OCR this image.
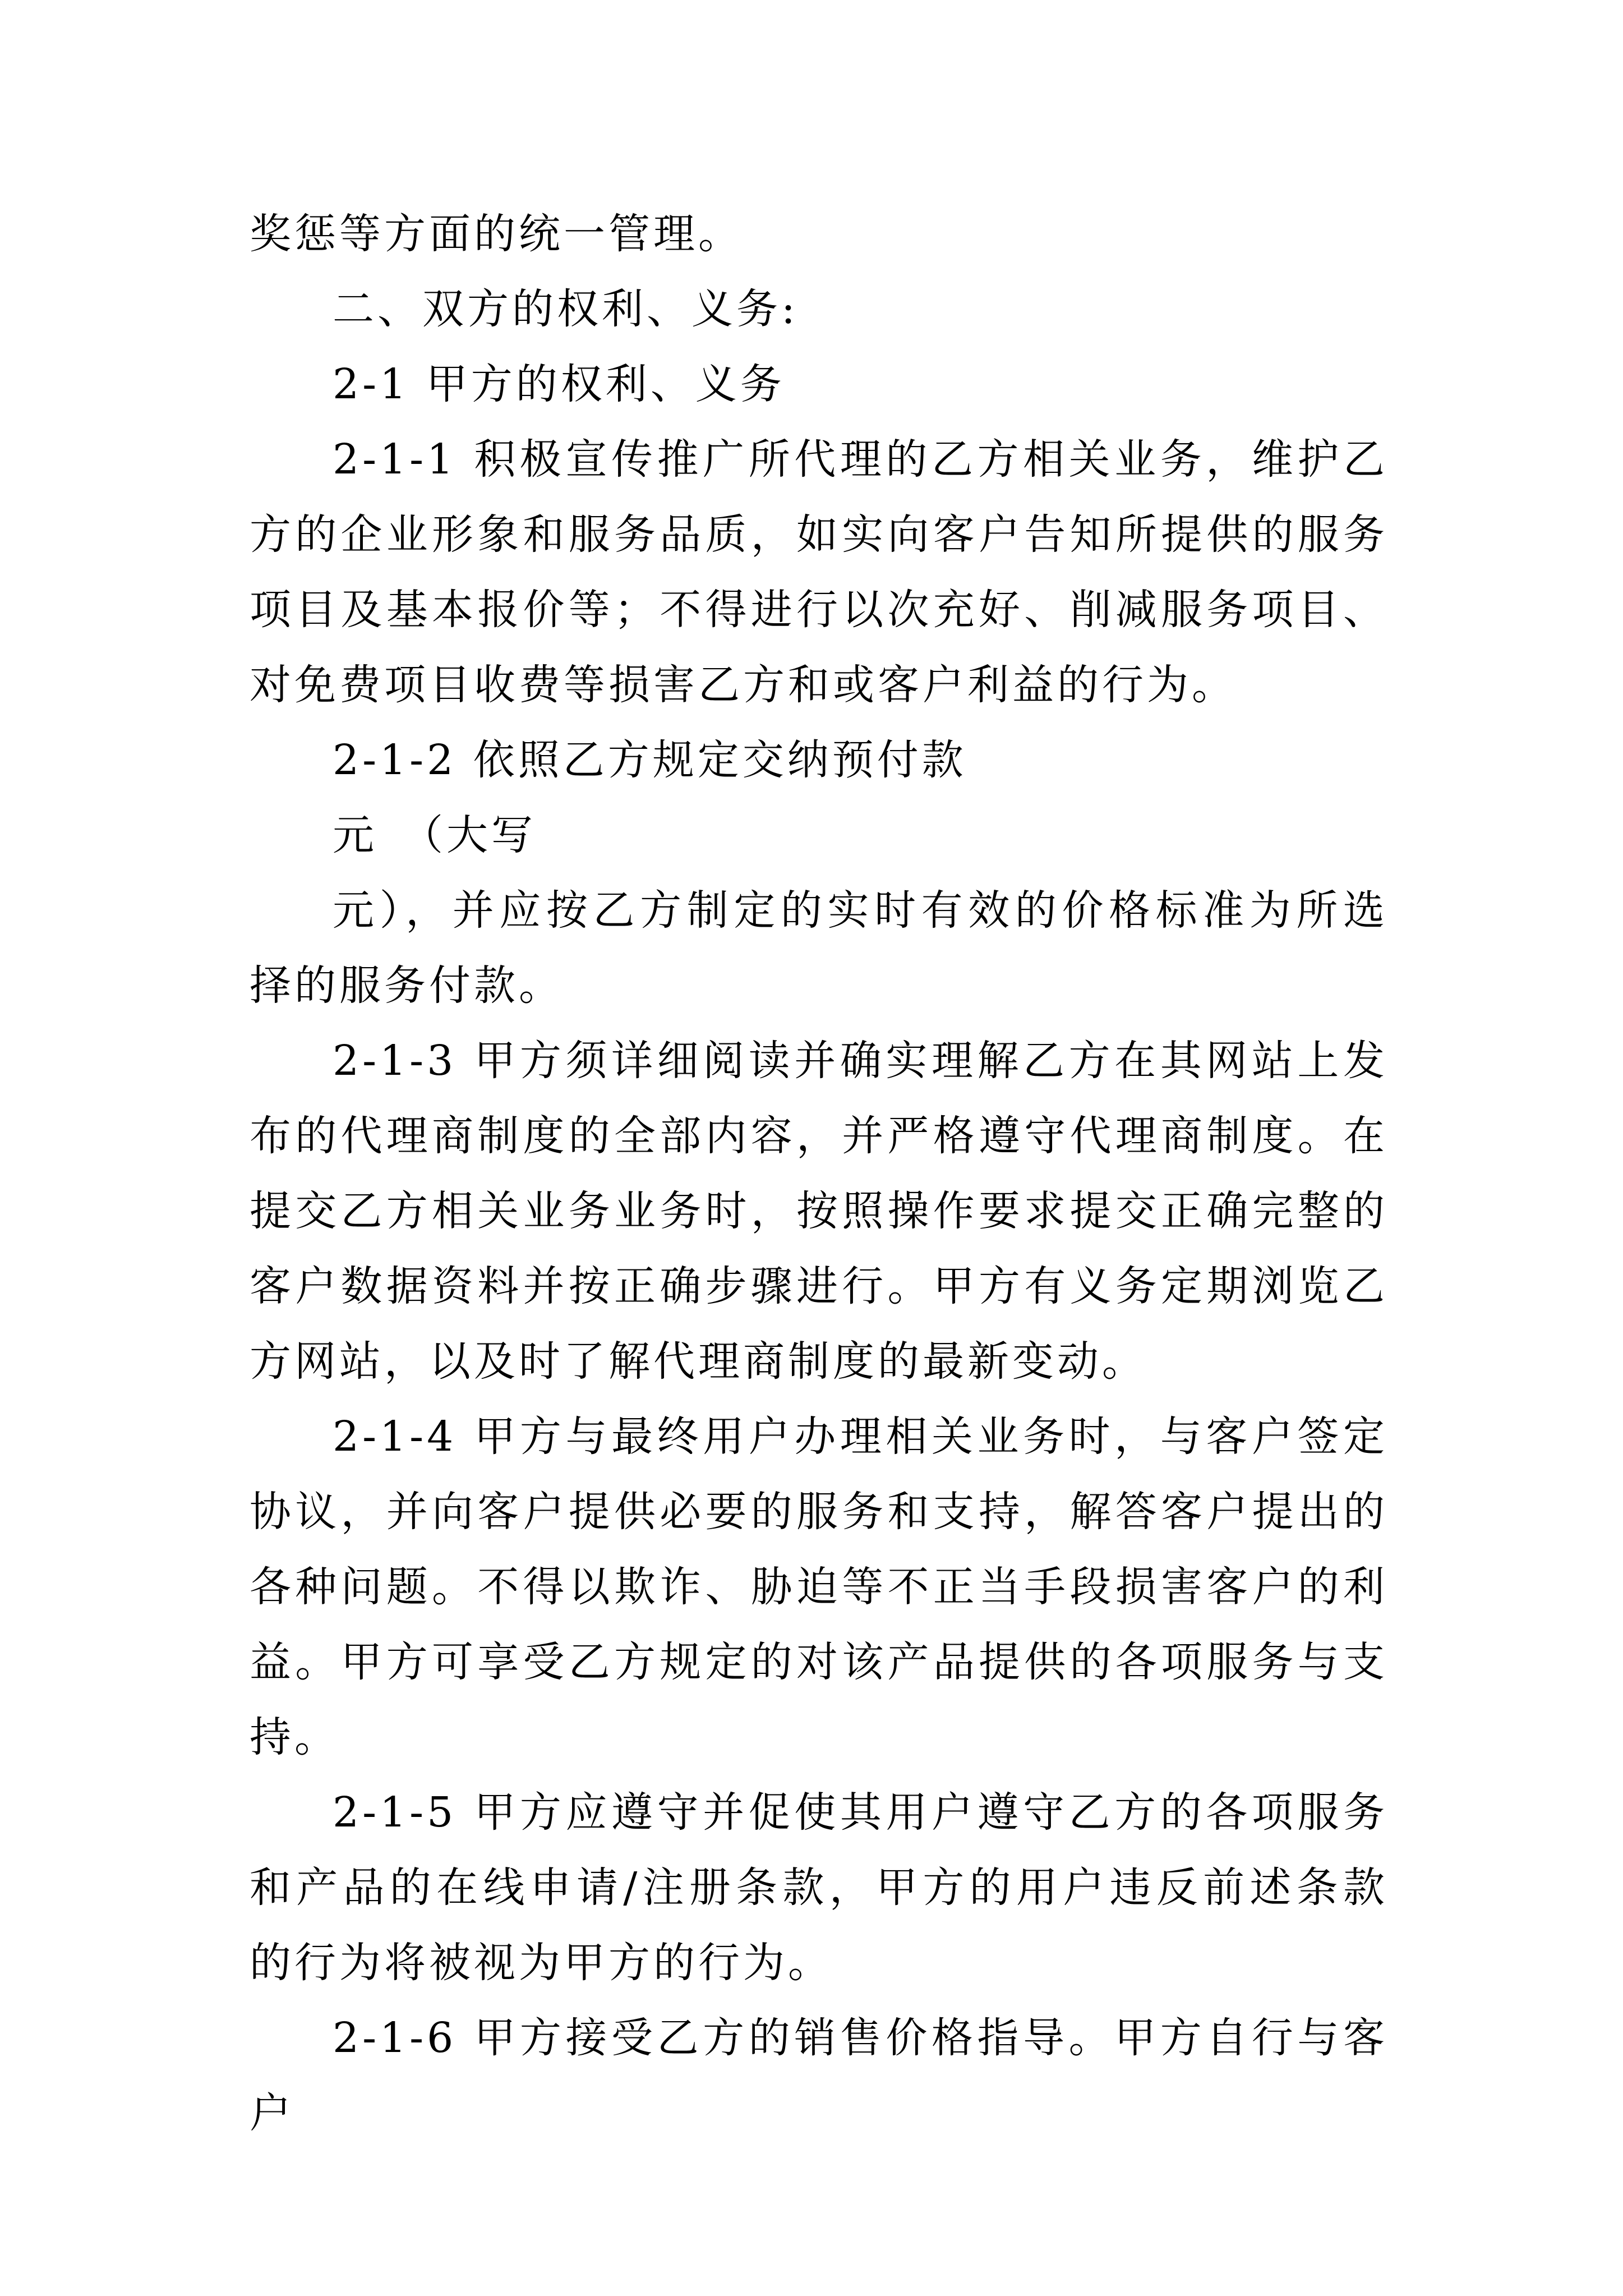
奖惩等方面的统一管理。

二、双方的权利、义务:

2-1 甲方的权利、义务

2-1-1 积极宣传推广所代理的乙方相关业务，维护乙方的企业形象和服务品质，如实向客户告知所提供的服务项目及基本报价等；不得进行以次充好、削减服务项目、对免费项目收费等损害乙方和或客户利益的行为。

2-1-2 依照乙方规定交纳预付款

元　（大写

元），并应按乙方制定的实时有效的价格标准为所选择的服务付款。

2-1-3 甲方须详细阅读并确实理解乙方在其网站上发布的代理商制度的全部内容，并严格遵守代理商制度。在提交乙方相关业务业务时，按照操作要求提交正确完整的客户数据资料并按正确步骤进行。甲方有义务定期浏览乙方网站，以及时了解代理商制度的最新变动。

2-1-4 甲方与最终用户办理相关业务时，与客户签定协议，并向客户提供必要的服务和支持，解答客户提出的各种问题。不得以欺诈、胁迫等不正当手段损害客户的利益。甲方可享受乙方规定的对该产品提供的各项服务与支持。

2-1-5 甲方应遵守并促使其用户遵守乙方的各项服务和产品的在线申请/注册条款，甲方的用户违反前述条款的行为将被视为甲方的行为。

2-1-6 甲方接受乙方的销售价格指导。甲方自行与客户
